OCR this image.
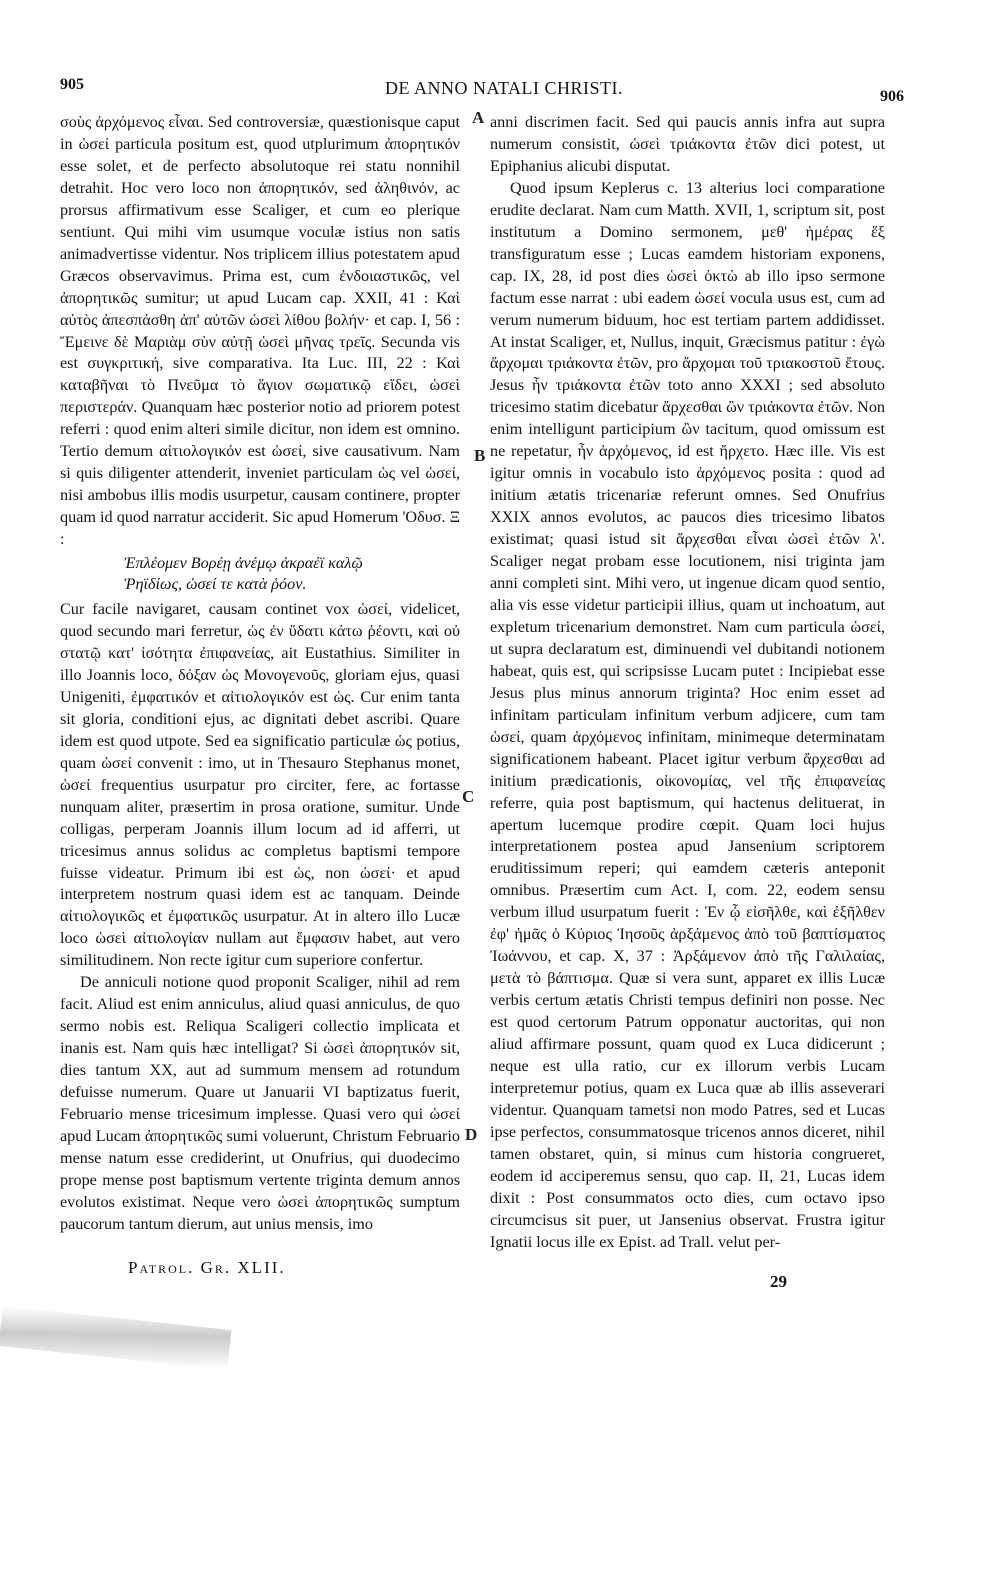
905	DE ANNO NATALI CHRISTI.	906
A
B
C
D

σοὺς ἀρχόμενος εἶναι. Sed controversiæ, quæstionisque caput in ὡσεί particula positum est, quod utplurimum ἀπορητικόν esse solet, et de perfecto absolutoque rei statu nonnihil detrahit. Hoc vero loco non ἀπορητικόν, sed ἀληθινόν, ac prorsus affirmativum esse Scaliger, et cum eo plerique sentiunt. Qui mihi vim usumque voculæ istius non satis animadvertisse videntur. Nos triplicem illius potestatem apud Græcos observavimus. Prima est, cum ἐνδοιαστικῶς, vel ἀπορητικῶς sumitur; ut apud Lucam cap. XXII, 41 : Καὶ αὐτὸς ἀπεσπάσθη ἀπ' αὐτῶν ὡσεὶ λίθου βολήν· et cap. I, 56 : Ἔμεινε δὲ Μαριὰμ σὺν αὐτῇ ὡσεὶ μῆνας τρεῖς. Secunda vis est συγκριτική, sive comparativa. Ita Luc. III, 22 : Καὶ καταβῆναι τὸ Πνεῦμα τὸ ἅγιον σωματικῷ εἴδει, ὡσεὶ περιστεράν. Quanquam hæc posterior notio ad priorem potest referri : quod enim alteri simile dicitur, non idem est omnino. Tertio demum αἰτιολογικόν est ὡσεί, sive causativum. Nam si quis diligenter attenderit, inveniet particulam ὡς vel ὡσεί, nisi ambobus illis modis usurpetur, causam continere, propter quam id quod narratur acciderit. Sic apud Homerum 'Οδυσ. Ξ :

Ἐπλέομεν Βορέῃ ἀνέμῳ ἀκραέϊ καλῷ
Ῥηϊδίως, ὡσεί τε κατὰ ῥόον.

Cur facile navigaret, causam continet vox ὡσεί, videlicet, quod secundo mari ferretur, ὡς ἐν ὕδατι κάτω ῥέοντι, καὶ οὐ στατῷ κατ' ἰσότητα ἐπιφανείας, ait Eustathius. Similiter in illo Joannis loco, δόξαν ὡς Μονογενοῦς, gloriam ejus, quasi Unigeniti, ἐμφατικόν et αἰτιολογικόν est ὡς. Cur enim tanta sit gloria, conditioni ejus, ac dignitati debet ascribi. Quare idem est quod utpote. Sed ea significatio particulæ ὡς potius, quam ὡσεί convenit : imo, ut in Thesauro Stephanus monet, ὡσεί frequentius usurpatur pro circiter, fere, ac fortasse nunquam aliter, præsertim in prosa oratione, sumitur. Unde colligas, perperam Joannis illum locum ad id afferri, ut tricesimus annus solidus ac completus baptismi tempore fuisse videatur. Primum ibi est ὡς, non ὡσεί· et apud interpretem nostrum quasi idem est ac tanquam. Deinde αἰτιολογικῶς et ἐμφατικῶς usurpatur. At in altero illo Lucæ loco ὡσεὶ αἰτιολογίαν nullam aut ἔμφασιν habet, aut vero similitudinem. Non recte igitur cum superiore confertur.

De anniculi notione quod proponit Scaliger, nihil ad rem facit. Aliud est enim anniculus, aliud quasi anniculus, de quo sermo nobis est. Reliqua Scaligeri collectio implicata et inanis est. Nam quis hæc intelligat? Si ὡσεὶ ἀπορητικόν sit, dies tantum XX, aut ad summum mensem ad rotundum defuisse numerum. Quare ut Januarii VI baptizatus fuerit, Februario mense tricesimum implesse. Quasi vero qui ὡσεί apud Lucam ἀπορητικῶς sumi voluerunt, Christum Februario mense natum esse crediderint, ut Onufrius, qui duodecimo prope mense post baptismum vertente triginta demum annos evolutos existimat. Neque vero ὡσεὶ ἀπορητικῶς sumptum paucorum tantum dierum, aut unius mensis, imo

anni discrimen facit. Sed qui paucis annis infra aut supra numerum consistit, ὡσεὶ τριάκοντα ἐτῶν dici potest, ut Epiphanius alicubi disputat.

Quod ipsum Keplerus c. 13 alterius loci comparatione erudite declarat. Nam cum Matth. XVII, 1, scriptum sit, post institutum a Domino sermonem, μεθ' ἡμέρας ἕξ transfiguratum esse ; Lucas eamdem historiam exponens, cap. IX, 28, id post dies ὡσεὶ ὀκτὼ ab illo ipso sermone factum esse narrat : ubi eadem ὡσεί vocula usus est, cum ad verum numerum biduum, hoc est tertiam partem addidisset. At instat Scaliger, et, Nullus, inquit, Græcismus patitur : ἐγὼ ἄρχομαι τριάκοντα ἐτῶν, pro ἄρχομαι τοῦ τριακοστοῦ ἔτους. Jesus ἦν τριάκοντα ἐτῶν toto anno XXXI ; sed absoluto tricesimo statim dicebatur ἄρχεσθαι ὢν τριάκοντα ἐτῶν. Non enim intelligunt participium ὢν tacitum, quod omissum est ne repetatur, ἦν ἀρχόμενος, id est ἤρχετο. Hæc ille. Vis est igitur omnis in vocabulo isto ἀρχόμενος posita : quod ad initium ætatis tricenariæ referunt omnes. Sed Onufrius XXIX annos evolutos, ac paucos dies tricesimo libatos existimat; quasi istud sit ἄρχεσθαι εἶναι ὡσεὶ ἐτῶν λ'. Scaliger negat probam esse locutionem, nisi triginta jam anni completi sint. Mihi vero, ut ingenue dicam quod sentio, alia vis esse videtur participii illius, quam ut inchoatum, aut expletum tricenarium demonstret. Nam cum particula ὡσεί, ut supra declaratum est, diminuendi vel dubitandi notionem habeat, quis est, qui scripsisse Lucam putet : Incipiebat esse Jesus plus minus annorum triginta? Hoc enim esset ad infinitam particulam infinitum verbum adjicere, cum tam ὡσεί, quam ἀρχόμενος infinitam, minimeque determinatam significationem habeant. Placet igitur verbum ἄρχεσθαι ad initium prædicationis, οἰκονομίας, vel τῆς ἐπιφανείας referre, quia post baptismum, qui hactenus delituerat, in apertum lucemque prodire cœpit. Quam loci hujus interpretationem postea apud Jansenium scriptorem eruditissimum reperi; qui eamdem cæteris anteponit omnibus. Præsertim cum Act. I, com. 22, eodem sensu verbum illud usurpatum fuerit : Ἐν ᾧ εἰσῆλθε, καὶ ἐξῆλθεν ἐφ' ἡμᾶς ὁ Κύριος Ἰησοῦς ἀρξάμενος ἀπὸ τοῦ βαπτίσματος Ἰωάννου, et cap. X, 37 : Ἀρξάμενον ἀπὸ τῆς Γαλιλαίας, μετὰ τὸ βάπτισμα. Quæ si vera sunt, apparet ex illis Lucæ verbis certum ætatis Christi tempus definiri non posse. Nec est quod certorum Patrum opponatur auctoritas, qui non aliud affirmare possunt, quam quod ex Luca didicerunt ; neque est ulla ratio, cur ex illorum verbis Lucam interpretemur potius, quam ex Luca quæ ab illis asseverari videntur. Quanquam tametsi non modo Patres, sed et Lucas ipse perfectos, consummatosque tricenos annos diceret, nihil tamen obstaret, quin, si minus cum historia congrueret, eodem id acciperemus sensu, quo cap. II, 21, Lucas idem dixit : Post consummatos octo dies, cum octavo ipso circumcisus sit puer, ut Jansenius observat. Frustra igitur Ignatii locus ille ex Epist. ad Trall. velut per-

Patrol. Gr. XLII.
29
